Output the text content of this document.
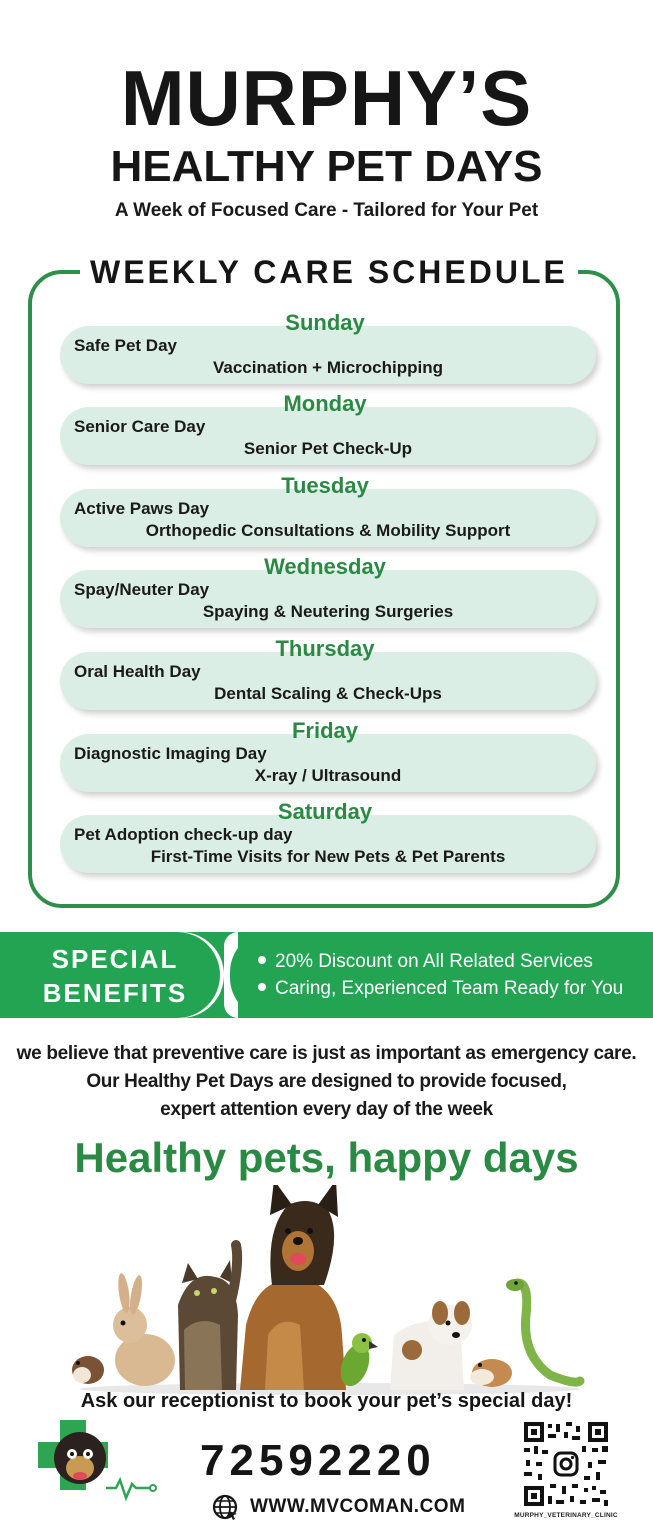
MURPHY’S
HEALTHY PET DAYS
A Week of Focused Care - Tailored for Your Pet
WEEKLY CARE SCHEDULE
Sunday
Safe Pet Day
Vaccination + Microchipping
Monday
Senior Care Day
Senior Pet Check-Up
Tuesday
Active Paws Day
Orthopedic Consultations & Mobility Support
Wednesday
Spay/Neuter Day
Spaying & Neutering Surgeries
Thursday
Oral Health Day
Dental Scaling & Check-Ups
Friday
Diagnostic Imaging Day
X-ray / Ultrasound
Saturday
Pet Adoption check-up day
First-Time Visits for New Pets & Pet Parents
SPECIAL
BENEFITS
20% Discount on All Related Services
Caring, Experienced Team Ready for You
we believe that preventive care is just as important as emergency care.
Our Healthy Pet Days are designed to provide focused,
expert attention every day of the week
Healthy pets, happy days
Ask our receptionist to book your pet’s special day!
72592220
WWW.MVCOMAN.COM	MURPHY_VETERINARY_CLINIC
